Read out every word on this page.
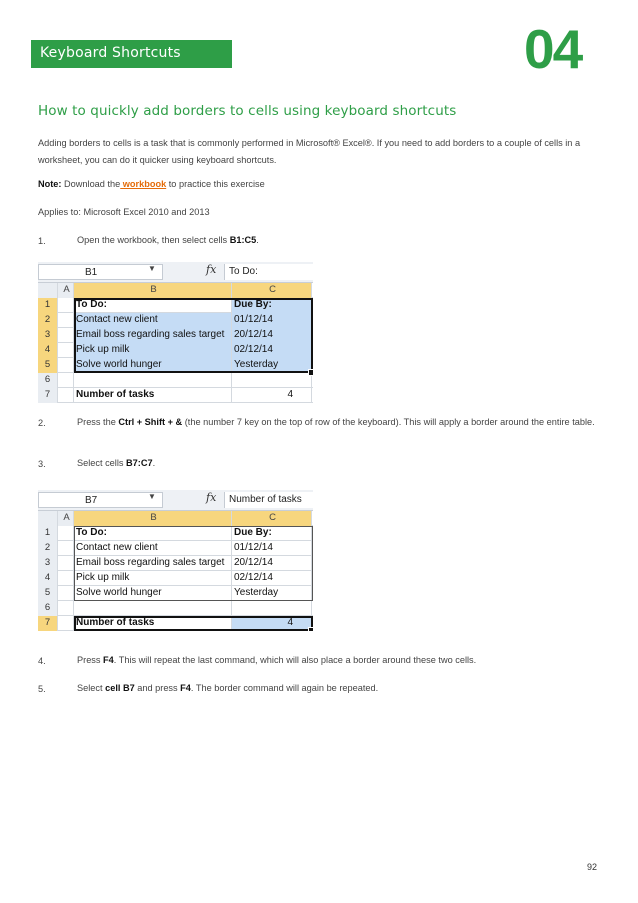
Keyboard Shortcuts	04
How to quickly add borders to cells using keyboard shortcuts
Adding borders to cells is a task that is commonly performed in Microsoft® Excel®. If you need to add borders to a couple of cells in a worksheet, you can do it quicker using keyboard shortcuts.
Note: Download the workbook to practice this exercise
Applies to: Microsoft Excel 2010 and 2013
1.	Open the workbook, then select cells B1:C5.
B1	▼	fx	To Do:
A	B	C
1	To Do:	Due By:
2	Contact new client	01/12/14
3	Email boss regarding sales target 20/12/14
4	Pick up milk	02/12/14
5	Solve world hunger	Yesterday
6
7	Number of tasks	4
2.	Press the Ctrl + Shift + & (the number 7 key on the top of row of the keyboard). This will apply a border around the entire table.
3.	Select cells B7:C7.
B7	▼	fx	Number of tasks
A	B	C
1	To Do:	Due By:
2	Contact new client	01/12/14
3	Email boss regarding sales target 20/12/14
4	Pick up milk	02/12/14
5	Solve world hunger	Yesterday
6
7	Number of tasks	4
4.	Press F4. This will repeat the last command, which will also place a border around these two cells.
5.	Select cell B7 and press F4. The border command will again be repeated.
92
